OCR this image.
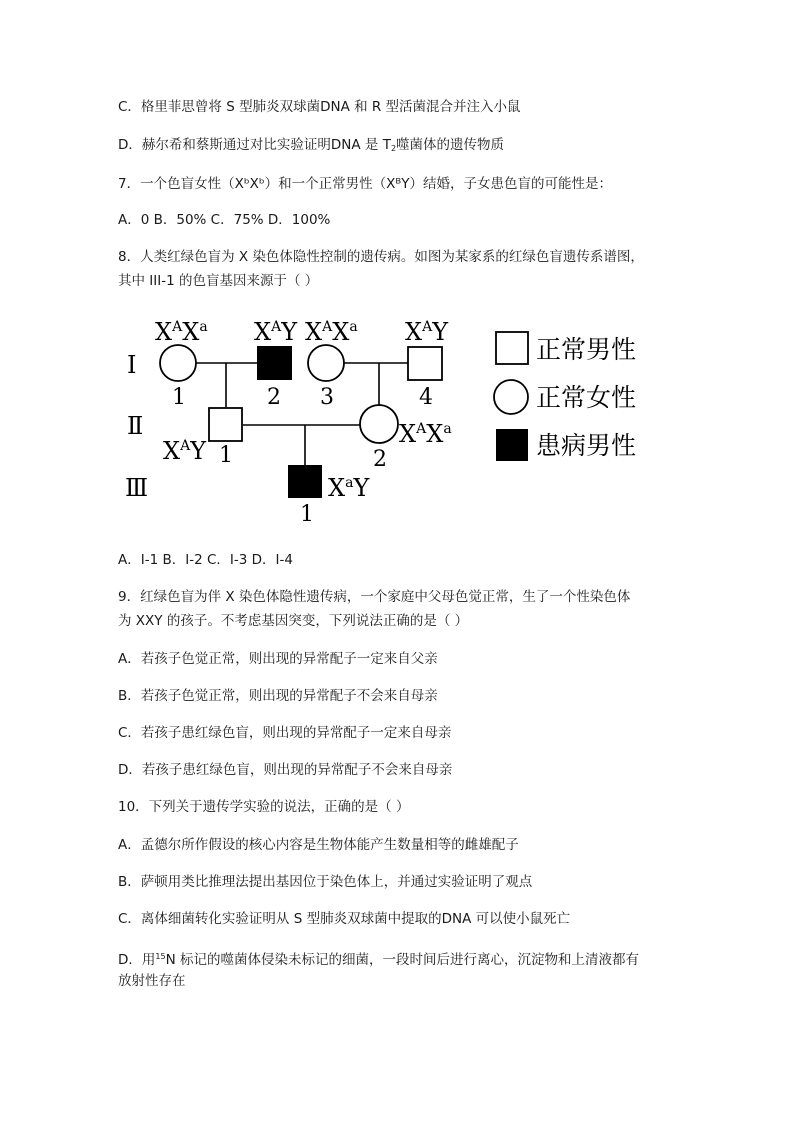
C．格里菲思曾将 S 型肺炎双球菌DNA 和 R 型活菌混合并注入小鼠
D．赫尔希和蔡斯通过对比实验证明DNA 是 $T_2$噬菌体的遗传物质
7．一个色盲女性（XᵇXᵇ）和一个正常男性（XᴮY）结婚，子女患色盲的可能性是：
A．0 B．50% C．75% D．100%
8．人类红绿色盲为 X 染色体隐性控制的遗传病。如图为某家系的红绿色盲遗传系谱图，
其中 III-1 的色盲基因来源于（ ）
Ⅰ
Ⅱ
Ⅲ
$X^AX^a$ $X^AY$ $X^AX^a$ $X^AY$
1	2 3	4
$X^AY$ 1
$X^AX^a$
2
$X^aY$
1
正常男性
正常女性
患病男性
A．Ⅰ-1 B．Ⅰ-2 C．Ⅰ-3 D．Ⅰ-4
9．红绿色盲为伴 X 染色体隐性遗传病，一个家庭中父母色觉正常，生了一个性染色体
为 XXY 的孩子。不考虑基因突变，下列说法正确的是（ ）
A．若孩子色觉正常，则出现的异常配子一定来自父亲
B．若孩子色觉正常，则出现的异常配子不会来自母亲
C．若孩子患红绿色盲，则出现的异常配子一定来自母亲
D．若孩子患红绿色盲，则出现的异常配子不会来自母亲
10．下列关于遗传学实验的说法，正确的是（ ）
A．孟德尔所作假设的核心内容是生物体能产生数量相等的雌雄配子
B．萨顿用类比推理法提出基因位于染色体上，并通过实验证明了观点
C．离体细菌转化实验证明从 S 型肺炎双球菌中提取的DNA 可以使小鼠死亡
D．用$^{15}$N 标记的噬菌体侵染未标记的细菌，一段时间后进行离心，沉淀物和上清液都有
放射性存在
